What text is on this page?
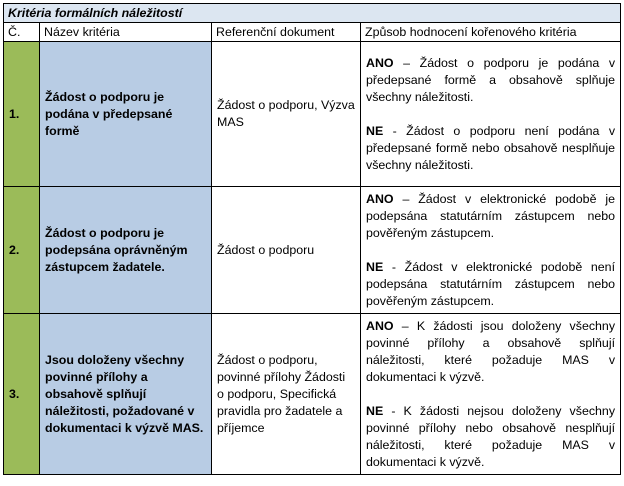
Kritéria formálních náležitostí			
Č.	Název kritéria	Referenční dokument	Způsob hodnocení kořenového kritéria
1.	Žádost o podporu je podána v předepsané formě	Žádost o podporu, Výzva MAS	ANO – Žádost o podporu je podána v předepsané formě a obsahově splňuje všechny náležitosti.

NE - Žádost o podporu není podána v předepsané formě nebo obsahově nesplňuje všechny náležitosti.

2.	Žádost o podporu je podepsána oprávněným zástupcem žadatele.	Žádost o podporu	ANO – Žádost v elektronické podobě je podepsána statutárním zástupcem nebo pověřeným zástupcem.

NE - Žádost v elektronické podobě není podepsána statutárním zástupcem nebo pověřeným zástupcem.

3.	Jsou doloženy všechny povinné přílohy a obsahově splňují náležitosti, požadované v dokumentaci k výzvě MAS.	Žádost o podporu, povinné přílohy Žádosti o podporu, Specifická pravidla pro žadatele a příjemce	ANO – K žádosti jsou doloženy všechny povinné přílohy a obsahově splňují náležitosti, které požaduje MAS v dokumentaci k výzvě.

NE - K žádosti nejsou doloženy všechny povinné přílohy nebo obsahově nesplňují náležitosti, které požaduje MAS v dokumentaci k výzvě.
